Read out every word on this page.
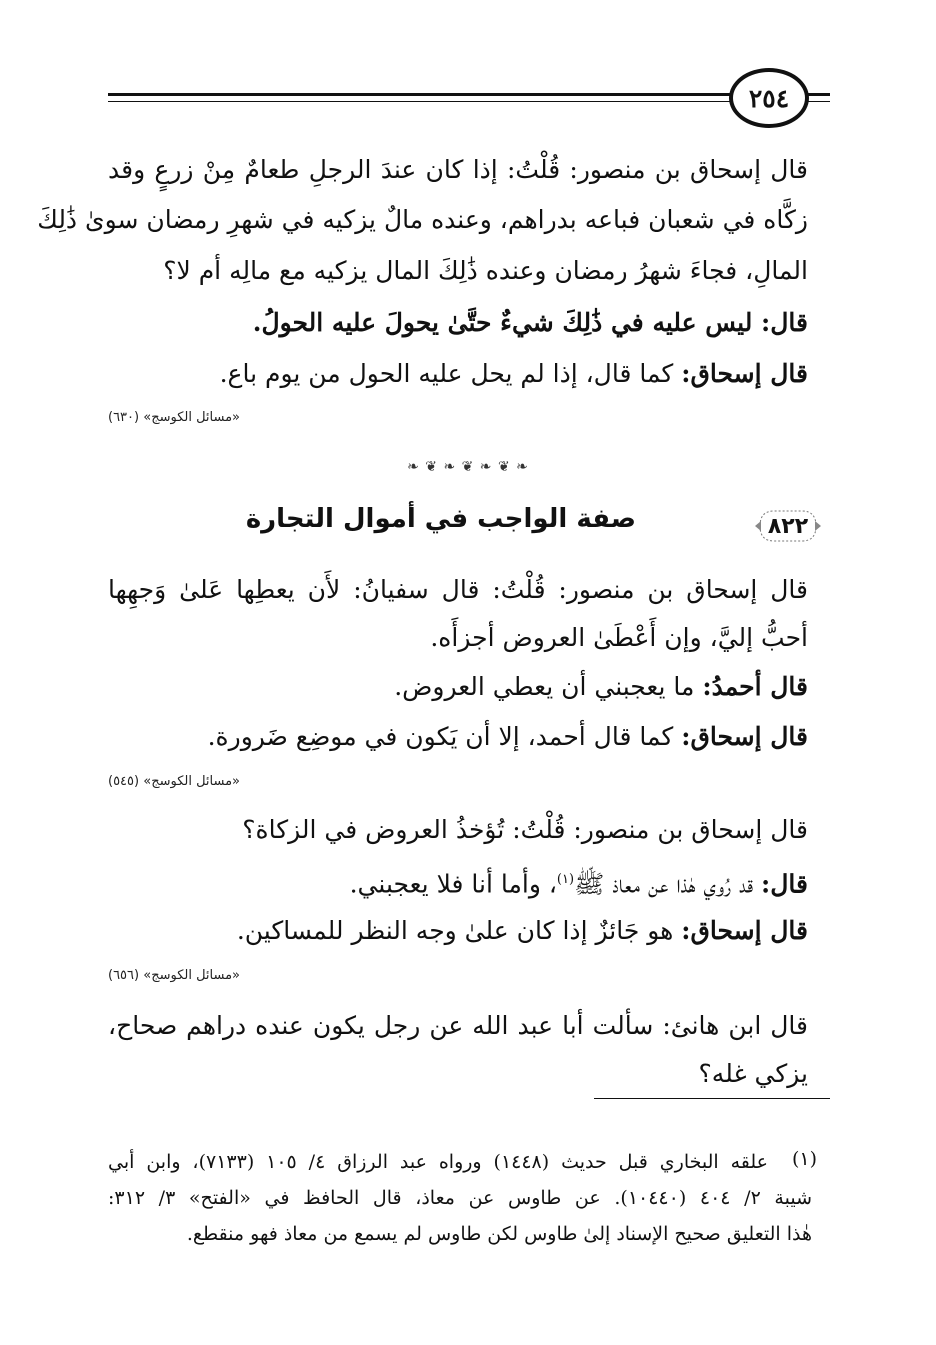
٢٥٤
قال إسحاق بن منصور: قُلْتُ: إذا كان عندَ الرجلِ طعامٌ مِنْ زرعٍ وقد
زكَّاه في شعبان فباعه بدراهم، وعنده مالٌ يزكيه في شهرِ رمضان سوىٰ ذَٰلِكَ
المالِ، فجاءَ شهرُ رمضان وعنده ذَٰلِكَ المال يزكيه مع مالِه أم لا؟
قال: ليس عليه في ذَٰلِكَ شيءٌ حتَّىٰ يحولَ عليه الحولُ.
قال إسحاق: كما قال، إذا لم يحل عليه الحول من يوم باع.
«مسائل الكوسج» (٦٣٠)
❧ ❦ ❧ ❦ ❧ ❦ ❧
٨٢٢
صفة الواجب في أموال التجارة
قال إسحاق بن منصور: قُلْتُ: قال سفيانُ: لأَن يعطِها عَلىٰ وَجهِها
أحبُّ إليَّ، وإن أَعْطَىٰ العروض أجزأَه.
قال أحمدُ: ما يعجبني أن يعطي العروض.
قال إسحاق: كما قال أحمد، إلا أن يَكون في موضِع ضَرورة.
«مسائل الكوسج» (٥٤٥)
قال إسحاق بن منصور: قُلْتُ: تُؤخذُ العروض في الزكاة؟
قال: قد رُوي هٰذا عن معاذ ﷺ$^{(١)}$، وأما أنا فلا يعجبني.
قال إسحاق: هو جَائزٌ إذا كان علىٰ وجه النظر للمساكين.
«مسائل الكوسج» (٦٥٦)
قال ابن هانئ: سألت أبا عبد الله عن رجل يكون عنده دراهم صحاح،
يزكي غله؟
(١)
علقه البخاري قبل حديث (١٤٤٨) ورواه عبد الرزاق ٤/ ١٠٥ (٧١٣٣)، وابن أبي
شيبة ٢/ ٤٠٤ (١٠٤٤٠). عن طاوس عن معاذ، قال الحافظ في «الفتح» ٣/ ٣١٢:
هٰذا التعليق صحيح الإسناد إلىٰ طاوس لكن طاوس لم يسمع من معاذ فهو منقطع.
